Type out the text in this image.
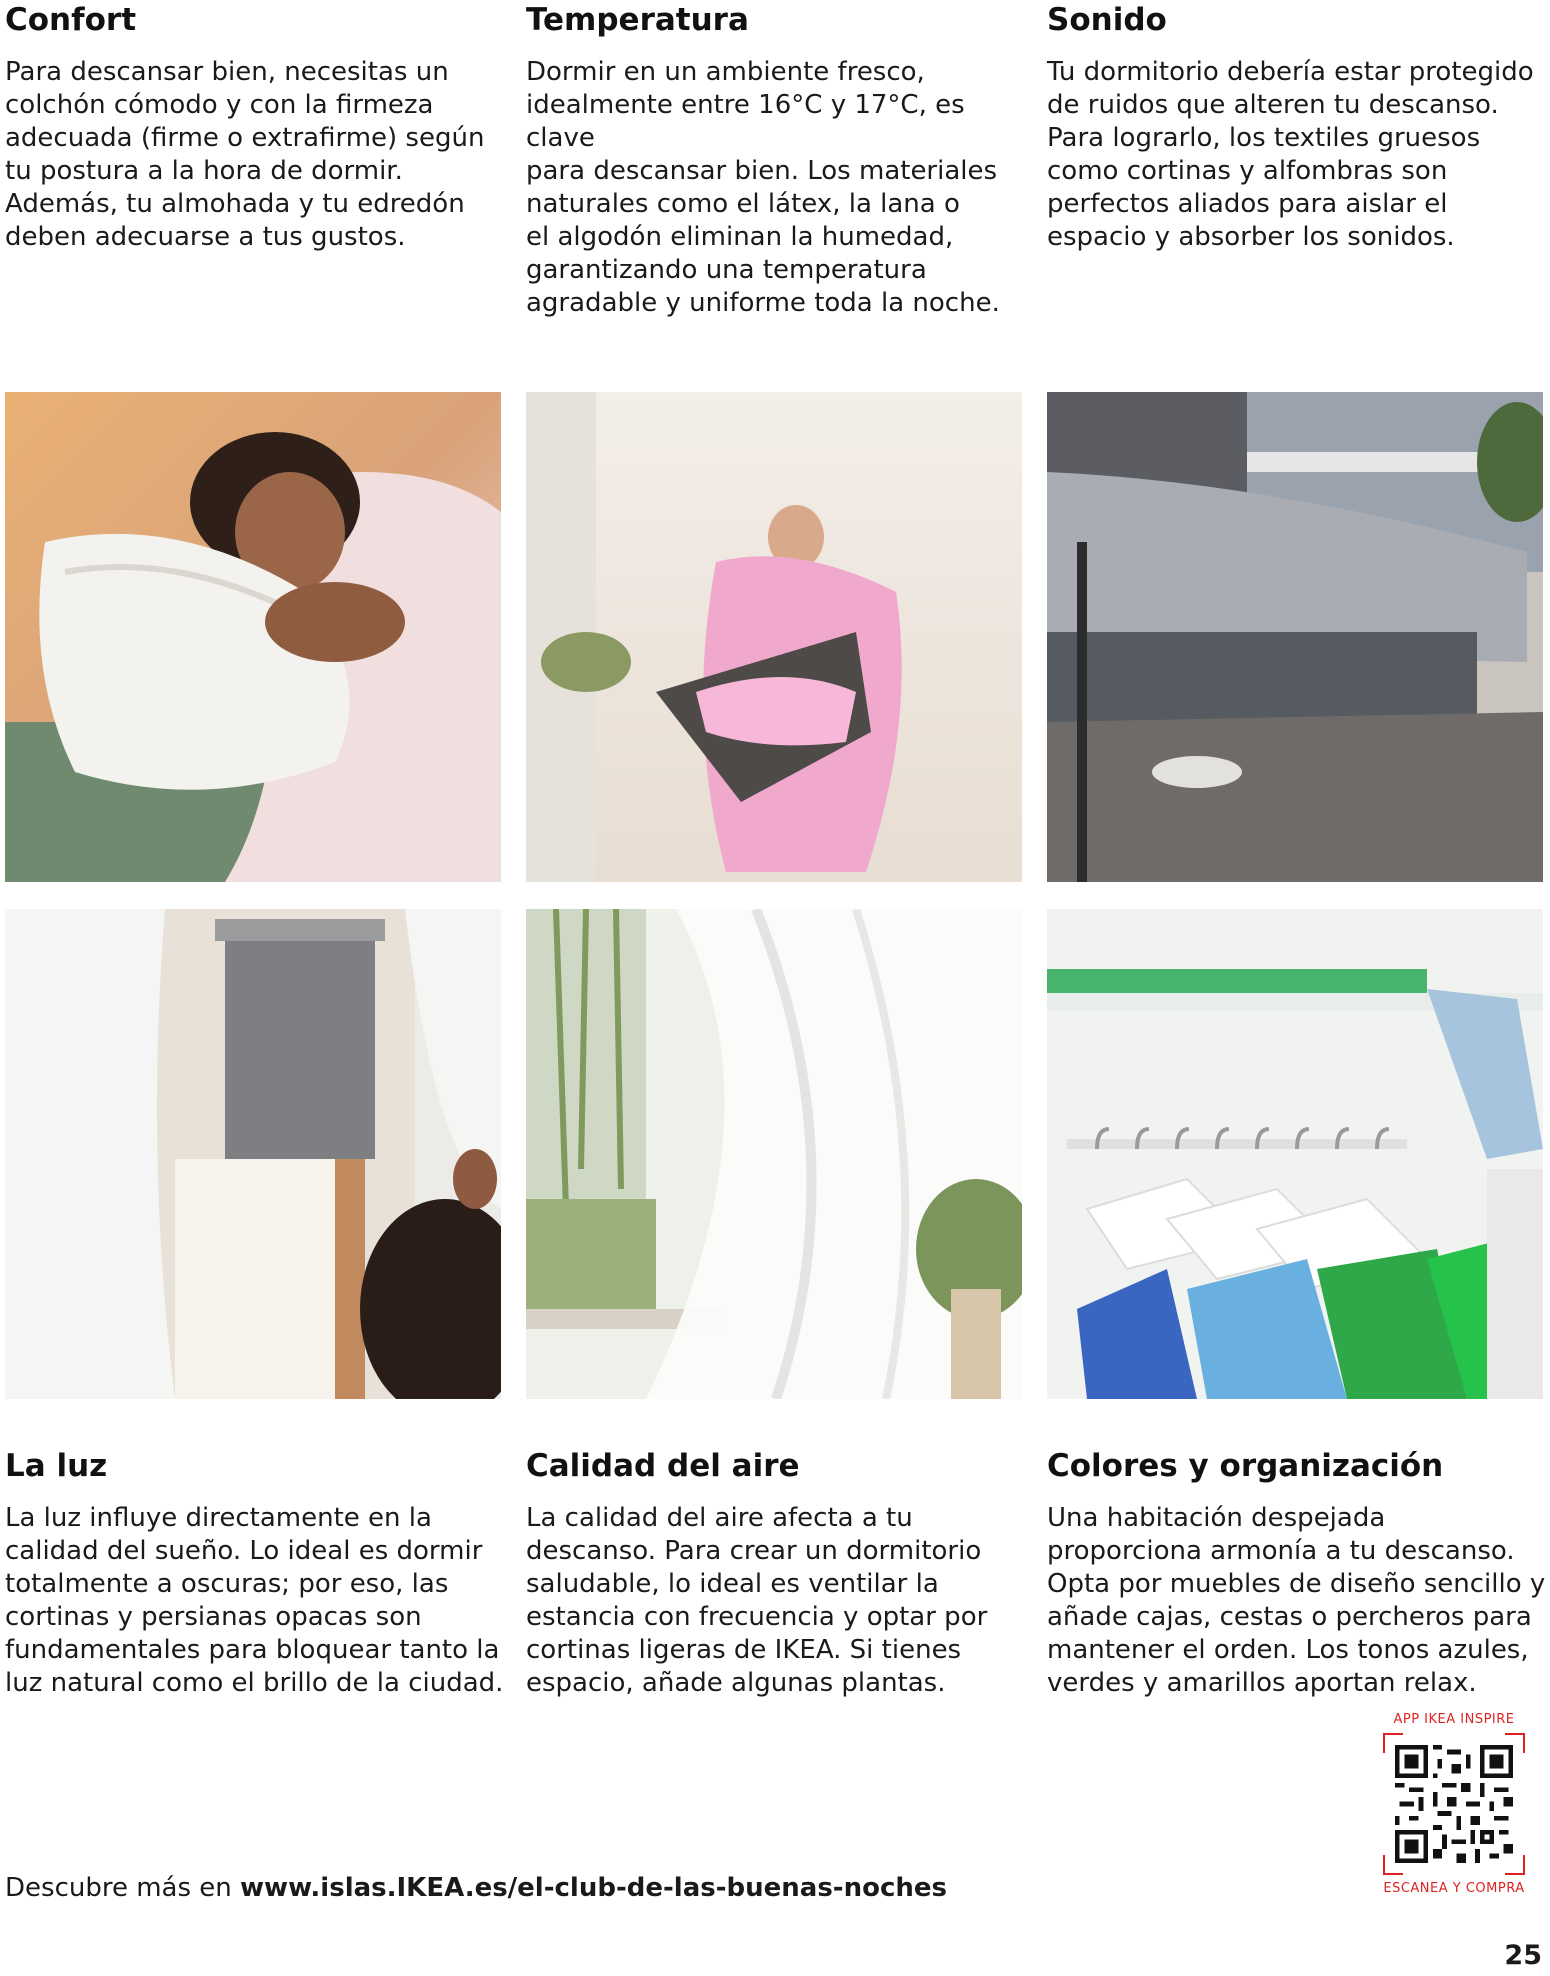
Confort

Para descansar bien, necesitas un
colchón cómodo y con la firmeza
adecuada (firme o extrafirme) según
tu postura a la hora de dormir.
Además, tu almohada y tu edredón
deben adecuarse a tus gustos.

Temperatura

Dormir en un ambiente fresco,
idealmente entre 16°C y 17°C, es clave
para descansar bien. Los materiales
naturales como el látex, la lana o
el algodón eliminan la humedad,
garantizando una temperatura
agradable y uniforme toda la noche.

Sonido

Tu dormitorio debería estar protegido
de ruidos que alteren tu descanso.
Para lograrlo, los textiles gruesos
como cortinas y alfombras son
perfectos aliados para aislar el
espacio y absorber los sonidos.

La luz

La luz influye directamente en la
calidad del sueño. Lo ideal es dormir
totalmente a oscuras; por eso, las
cortinas y persianas opacas son
fundamentales para bloquear tanto la
luz natural como el brillo de la ciudad.

Calidad del aire

La calidad del aire afecta a tu
descanso. Para crear un dormitorio
saludable, lo ideal es ventilar la
estancia con frecuencia y optar por
cortinas ligeras de IKEA. Si tienes
espacio, añade algunas plantas.

Colores y organización

Una habitación despejada
proporciona armonía a tu descanso.
Opta por muebles de diseño sencillo y
añade cajas, cestas o percheros para
mantener el orden. Los tonos azules,
verdes y amarillos aportan relax.

APP IKEA INSPIRE
ESCANEA Y COMPRA
Descubre más en www.islas.IKEA.es/el-club-de-las-buenas-noches
25
